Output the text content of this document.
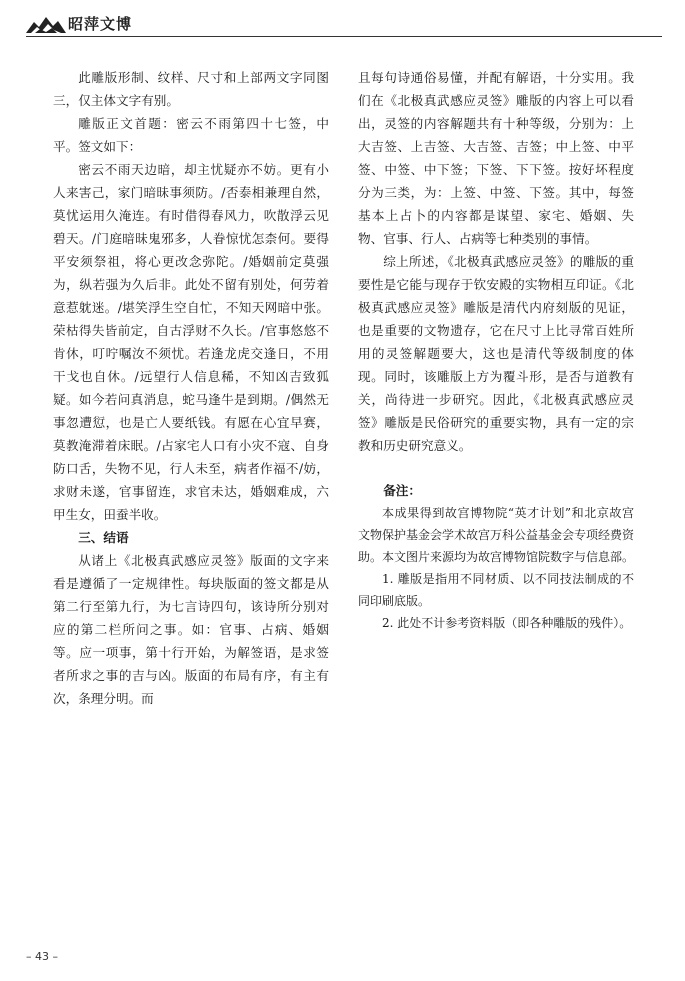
昭萍文博

此雕版形制、纹样、尺寸和上部两文字同图三，仅主体文字有别。

雕版正文首题：密云不雨第四十七签，中平。签文如下：

密云不雨天边暗，却主忧疑亦不妨。更有小人来害己，家门暗昧事须防。/否泰相兼理自然，莫忧运用久淹连。有时借得春风力，吹散浮云见碧天。/门庭暗昧鬼邪多，人眷惊忧怎柰何。要得平安须祭祖，将心更改念弥陀。/婚姻前定莫强为，纵若强为久后非。此处不留有别处，何劳着意惹躭迷。/堪笑浮生空自忙，不知天网暗中张。荣枯得失皆前定，自古浮财不久长。/官事悠悠不肯休，叮咛嘱汝不须忧。若逢龙虎交逢日，不用干戈也自休。/远望行人信息稀，不知凶吉致狐疑。如今若问真消息，蛇马逢牛是到期。/偶然无事忽遭愆，也是亡人要纸钱。有愿在心宜早赛，莫教淹滞着床眠。/占家宅人口有小灾不寇、自身防口舌，失物不见，行人未至，病者作福不/妨，求财未遂，官事留连，求官未达，婚姻难成，六甲生女，田蚕半收。

三、结语

从诸上《北极真武感应灵签》版面的文字来看是遵循了一定规律性。每块版面的签文都是从第二行至第九行，为七言诗四句，该诗所分别对应的第二栏所问之事。如：官事、占病、婚姻等。应一项事，第十行开始，为解签语，是求签者所求之事的吉与凶。版面的布局有序，有主有次，条理分明。而

且每句诗通俗易懂，并配有解语，十分实用。我们在《北极真武感应灵签》雕版的内容上可以看出，灵签的内容解题共有十种等级，分别为：上大吉签、上吉签、大吉签、吉签；中上签、中平签、中签、中下签；下签、下下签。按好坏程度分为三类，为：上签、中签、下签。其中，每签基本上占卜的内容都是谋望、家宅、婚姻、失物、官事、行人、占病等七种类别的事情。

综上所述，《北极真武感应灵签》的雕版的重要性是它能与现存于钦安殿的实物相互印证。《北极真武感应灵签》雕版是清代内府刻版的见证，也是重要的文物遗存，它在尺寸上比寻常百姓所用的灵签解题要大，这也是清代等级制度的体现。同时，该雕版上方为覆斗形，是否与道教有关，尚待进一步研究。因此，《北极真武感应灵签》雕版是民俗研究的重要实物，具有一定的宗教和历史研究意义。

备注：

本成果得到故宫博物院“英才计划”和北京故宫文物保护基金会学术故宫万科公益基金会专项经费资助。本文图片来源均为故宫博物馆院数字与信息部。

1. 雕版是指用不同材质、以不同技法制成的不同印刷底版。

2. 此处不计参考资料版（即各种雕版的残件）。

– 43 –
